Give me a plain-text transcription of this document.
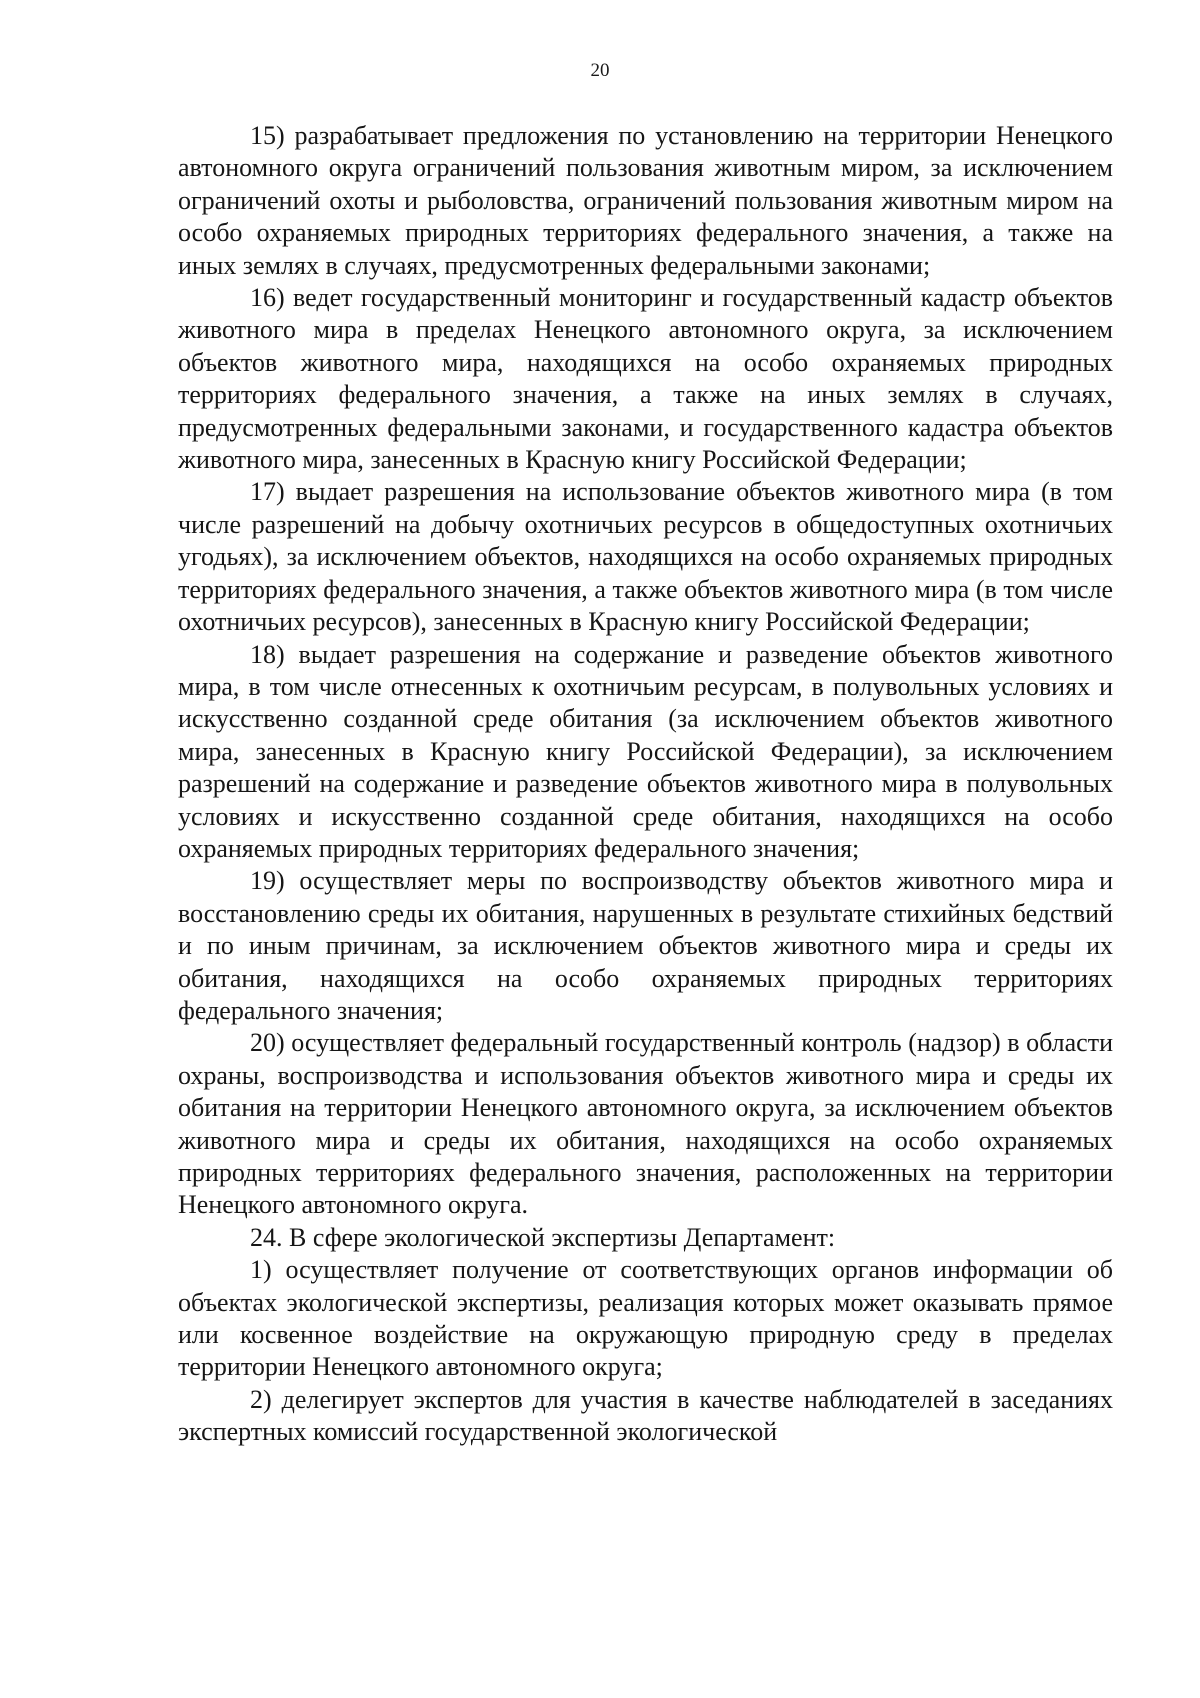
20

15) разрабатывает предложения по установлению на территории Ненецкого автономного округа ограничений пользования животным миром, за исключением ограничений охоты и рыболовства, ограничений пользования животным миром на особо охраняемых природных территориях федерального значения, а также на иных землях в случаях, предусмотренных федеральными законами;

16) ведет государственный мониторинг и государственный кадастр объектов животного мира в пределах Ненецкого автономного округа, за исключением объектов животного мира, находящихся на особо охраняемых природных территориях федерального значения, а также на иных землях в случаях, предусмотренных федеральными законами, и государственного кадастра объектов животного мира, занесенных в Красную книгу Российской Федерации;

17) выдает разрешения на использование объектов животного мира (в том числе разрешений на добычу охотничьих ресурсов в общедоступных охотничьих угодьях), за исключением объектов, находящихся на особо охраняемых природных территориях федерального значения, а также объектов животного мира (в том числе охотничьих ресурсов), занесенных в Красную книгу Российской Федерации;

18) выдает разрешения на содержание и разведение объектов животного мира, в том числе отнесенных к охотничьим ресурсам, в полувольных условиях и искусственно созданной среде обитания (за исключением объектов животного мира, занесенных в Красную книгу Российской Федерации), за исключением разрешений на содержание и разведение объектов животного мира в полувольных условиях и искусственно созданной среде обитания, находящихся на особо охраняемых природных территориях федерального значения;

19) осуществляет меры по воспроизводству объектов животного мира и восстановлению среды их обитания, нарушенных в результате стихийных бедствий и по иным причинам, за исключением объектов животного мира и среды их обитания, находящихся на особо охраняемых природных территориях федерального значения;

20) осуществляет федеральный государственный контроль (надзор) в области охраны, воспроизводства и использования объектов животного мира и среды их обитания на территории Ненецкого автономного округа, за исключением объектов животного мира и среды их обитания, находящихся на особо охраняемых природных территориях федерального значения, расположенных на территории Ненецкого автономного округа.

24. В сфере экологической экспертизы Департамент:

1) осуществляет получение от соответствующих органов информации об объектах экологической экспертизы, реализация которых может оказывать прямое или косвенное воздействие на окружающую природную среду в пределах территории Ненецкого автономного округа;

2) делегирует экспертов для участия в качестве наблюдателей в заседаниях экспертных комиссий государственной экологической
